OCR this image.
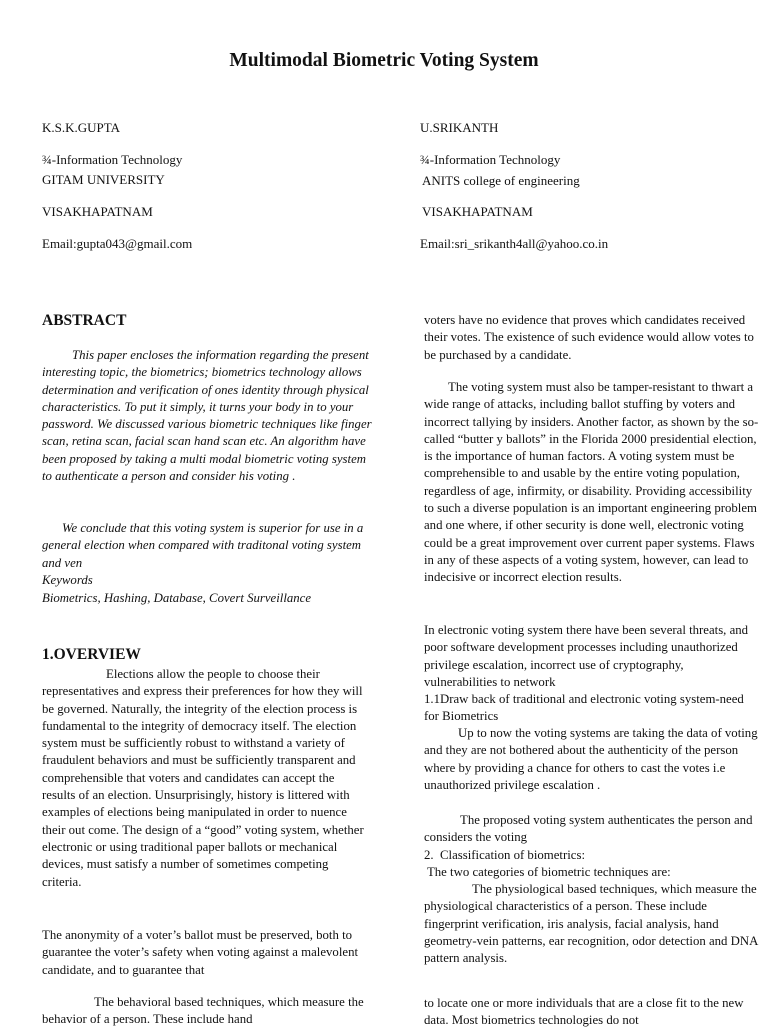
Multimodal Biometric Voting System
K.S.K.GUPTA
¾-Information Technology
GITAM UNIVERSITY
VISAKHAPATNAM
Email:gupta043@gmail.com
U.SRIKANTH
¾-Information Technology
ANITS college of engineering
VISAKHAPATNAM
Email:sri_srikanth4all@yahoo.co.in
ABSTRACT

This paper encloses the information regarding the present interesting topic, the biometrics; biometrics technology allows determination and verification of ones identity through physical characteristics. To put it simply, it turns your body in to your password. We discussed various biometric techniques like finger scan, retina scan, facial scan hand scan etc. An algorithm have been proposed by taking a multi modal biometric voting system to authenticate a person and consider his voting .

We conclude that this voting system is superior for use in a general election when compared with traditonal voting system and ven

Keywords
Biometrics, Hashing, Database, Covert Surveillance
1.OVERVIEW

Elections allow the people to choose their representatives and express their preferences for how they will be governed. Naturally, the integrity of the election process is fundamental to the integrity of democracy itself. The election system must be sufficiently robust to withstand a variety of fraudulent behaviors and must be sufficiently transparent and comprehensible that voters and candidates can accept the results of an election. Unsurprisingly, history is littered with examples of elections being manipulated in order to nuence their out come. The design of a “good” voting system, whether electronic or using traditional paper ballots or mechanical devices, must satisfy a number of sometimes competing criteria.

The anonymity of a voter’s ballot must be preserved, both to guarantee the voter’s safety when voting against a malevolent candidate, and to guarantee that

The behavioral based techniques, which measure the behavior of a person. These include hand

voters have no evidence that proves which candidates received their votes. The existence of such evidence would allow votes to be purchased by a candidate.

The voting system must also be tamper-resistant to thwart a wide range of attacks, including ballot stuffing by voters and incorrect tallying by insiders. Another factor, as shown by the so-called “butter y ballots” in the Florida 2000 presidential election, is the importance of human factors. A voting system must be comprehensible to and usable by the entire voting population, regardless of age, infirmity, or disability. Providing accessibility to such a diverse population is an important engineering problem and one where, if other security is done well, electronic voting could be a great improvement over current paper systems. Flaws in any of these aspects of a voting system, however, can lead to indecisive or incorrect election results.

In electronic voting system there have been several threats, and poor software development processes including unauthorized privilege escalation, incorrect use of cryptography, vulnerabilities to network

1.1Draw back of traditional and electronic voting system-need for Biometrics

Up to now the voting systems are taking the data of voting and they are not bothered about the authenticity of the person where by providing a chance for others to cast the votes i.e unauthorized privilege escalation .

The proposed voting system authenticates the person and considers the voting

2.  Classification of biometrics:
The two categories of biometric techniques are:

The physiological based techniques, which measure the physiological characteristics of a person. These include fingerprint verification, iris analysis, facial analysis, hand geometry-vein patterns, ear recognition, odor detection and DNA pattern analysis.

to locate one or more individuals that are a close fit to the new data. Most biometrics technologies do not
